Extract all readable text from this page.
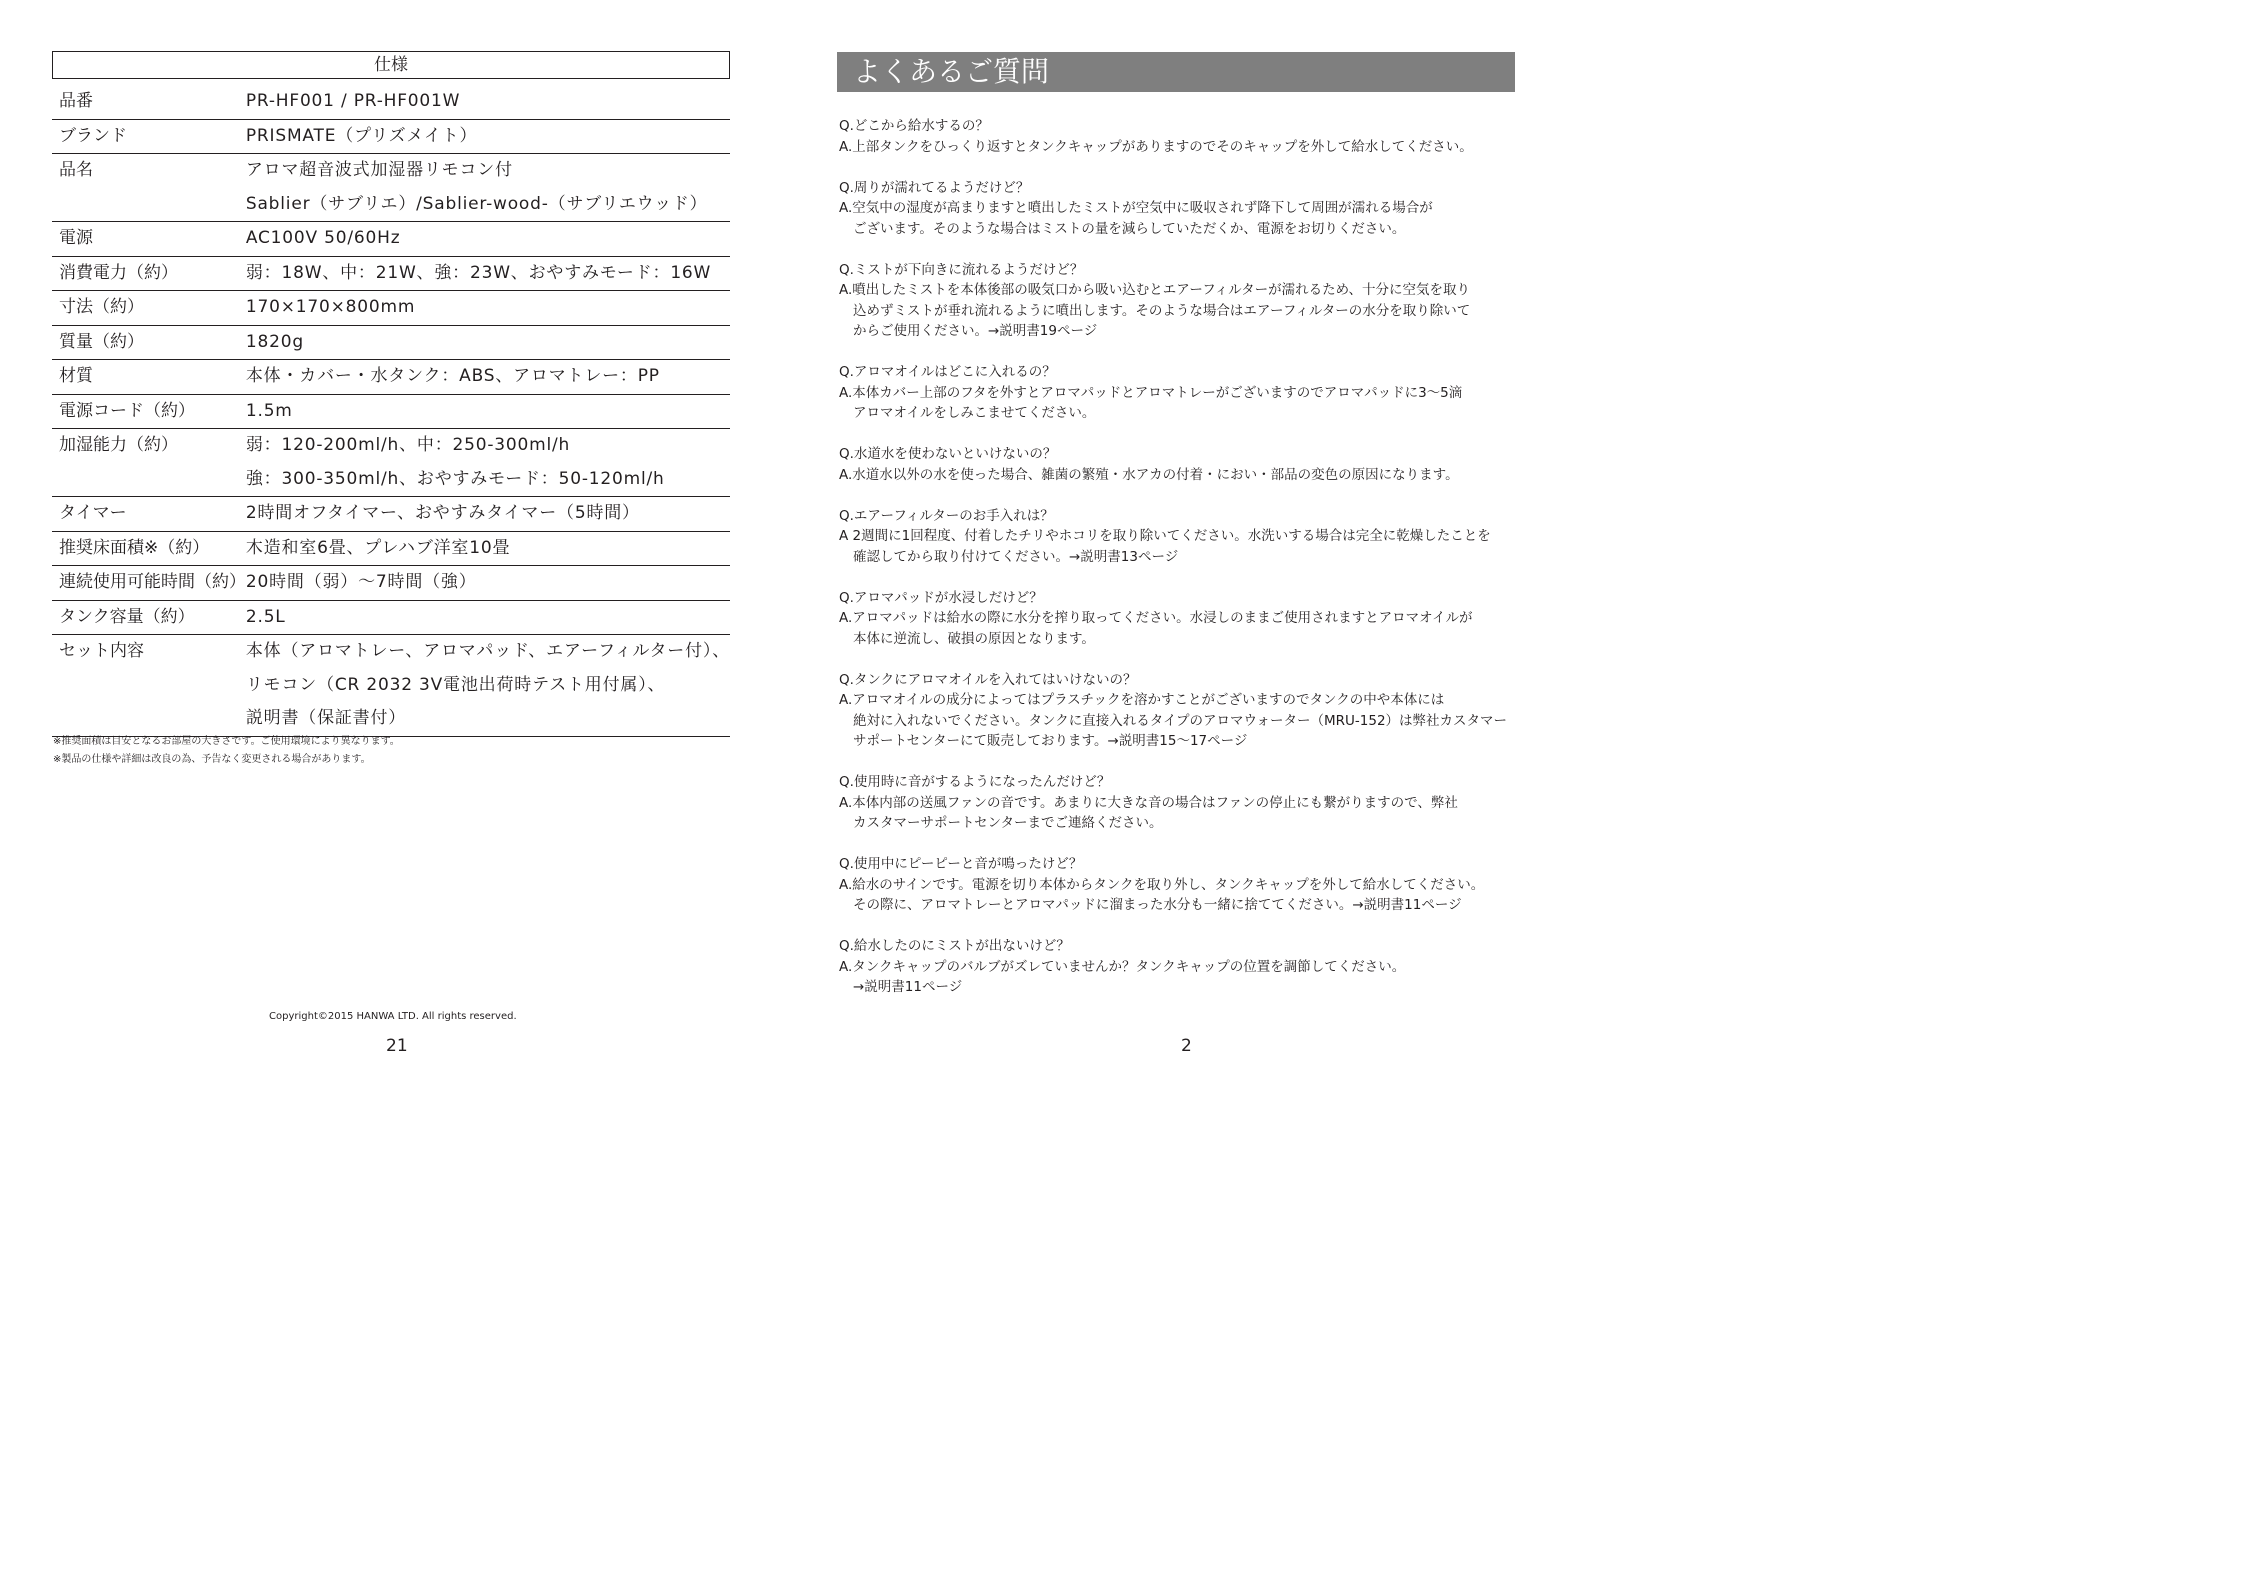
仕様
品番	PR-HF001 / PR-HF001W

ブランド	PRISMATE（プリズメイト）

品名	アロマ超音波式加湿器リモコン付
Sablier（サブリエ）/Sablier-wood-（サブリエウッド）

電源	AC100V 50/60Hz

消費電力（約）	弱：18W、中：21W、強：23W、おやすみモード：16W

寸法（約）	170×170×800mm

質量（約）	1820g

材質	本体・カバー・水タンク：ABS、アロマトレー：PP

電源コード（約）	1.5m

加湿能力（約）	弱：120-200ml/h、中：250-300ml/h
強：300-350ml/h、おやすみモード：50-120ml/h

タイマー	2時間オフタイマー、おやすみタイマー（5時間）

推奨床面積※（約）	木造和室6畳、プレハブ洋室10畳

連続使用可能時間（約）	20時間（弱）～7時間（強）

タンク容量（約）	2.5L

セット内容	本体（アロマトレー、アロマパッド、エアーフィルター付）、
リモコン（CR 2032 3V電池出荷時テスト用付属）、
説明書（保証書付）
※推奨面積は目安となるお部屋の大きさです。ご使用環境により異なります。
※製品の仕様や詳細は改良の為、予告なく変更される場合があります。
Copyright©2015 HANWA LTD. All rights reserved.
21
よくあるご質問
Q.どこから給水するの？
A.上部タンクをひっくり返すとタンクキャップがありますのでそのキャップを外して給水してください。
Q.周りが濡れてるようだけど？
A.空気中の湿度が高まりますと噴出したミストが空気中に吸収されず降下して周囲が濡れる場合が
ございます。そのような場合はミストの量を減らしていただくか、電源をお切りください。
Q.ミストが下向きに流れるようだけど？
A.噴出したミストを本体後部の吸気口から吸い込むとエアーフィルターが濡れるため、十分に空気を取り
込めずミストが垂れ流れるように噴出します。そのような場合はエアーフィルターの水分を取り除いて
からご使用ください。→説明書19ページ
Q.アロマオイルはどこに入れるの？
A.本体カバー上部のフタを外すとアロマパッドとアロマトレーがございますのでアロマパッドに3～5滴
アロマオイルをしみこませてください。
Q.水道水を使わないといけないの？
A.水道水以外の水を使った場合、雑菌の繁殖・水アカの付着・におい・部品の変色の原因になります。
Q.エアーフィルターのお手入れは？
A 2週間に1回程度、付着したチリやホコリを取り除いてください。水洗いする場合は完全に乾燥したことを
確認してから取り付けてください。→説明書13ページ
Q.アロマパッドが水浸しだけど？
A.アロマパッドは給水の際に水分を搾り取ってください。水浸しのままご使用されますとアロマオイルが
本体に逆流し、破損の原因となります。
Q.タンクにアロマオイルを入れてはいけないの？
A.アロマオイルの成分によってはプラスチックを溶かすことがございますのでタンクの中や本体には
絶対に入れないでください。タンクに直接入れるタイプのアロマウォーター（MRU-152）は弊社カスタマー
サポートセンターにて販売しております。→説明書15～17ページ
Q.使用時に音がするようになったんだけど？
A.本体内部の送風ファンの音です。あまりに大きな音の場合はファンの停止にも繋がりますので、弊社
カスタマーサポートセンターまでご連絡ください。
Q.使用中にピーピーと音が鳴ったけど？
A.給水のサインです。電源を切り本体からタンクを取り外し、タンクキャップを外して給水してください。
その際に、アロマトレーとアロマパッドに溜まった水分も一緒に捨ててください。→説明書11ページ
Q.給水したのにミストが出ないけど？
A.タンクキャップのバルブがズレていませんか？タンクキャップの位置を調節してください。
→説明書11ページ
2
